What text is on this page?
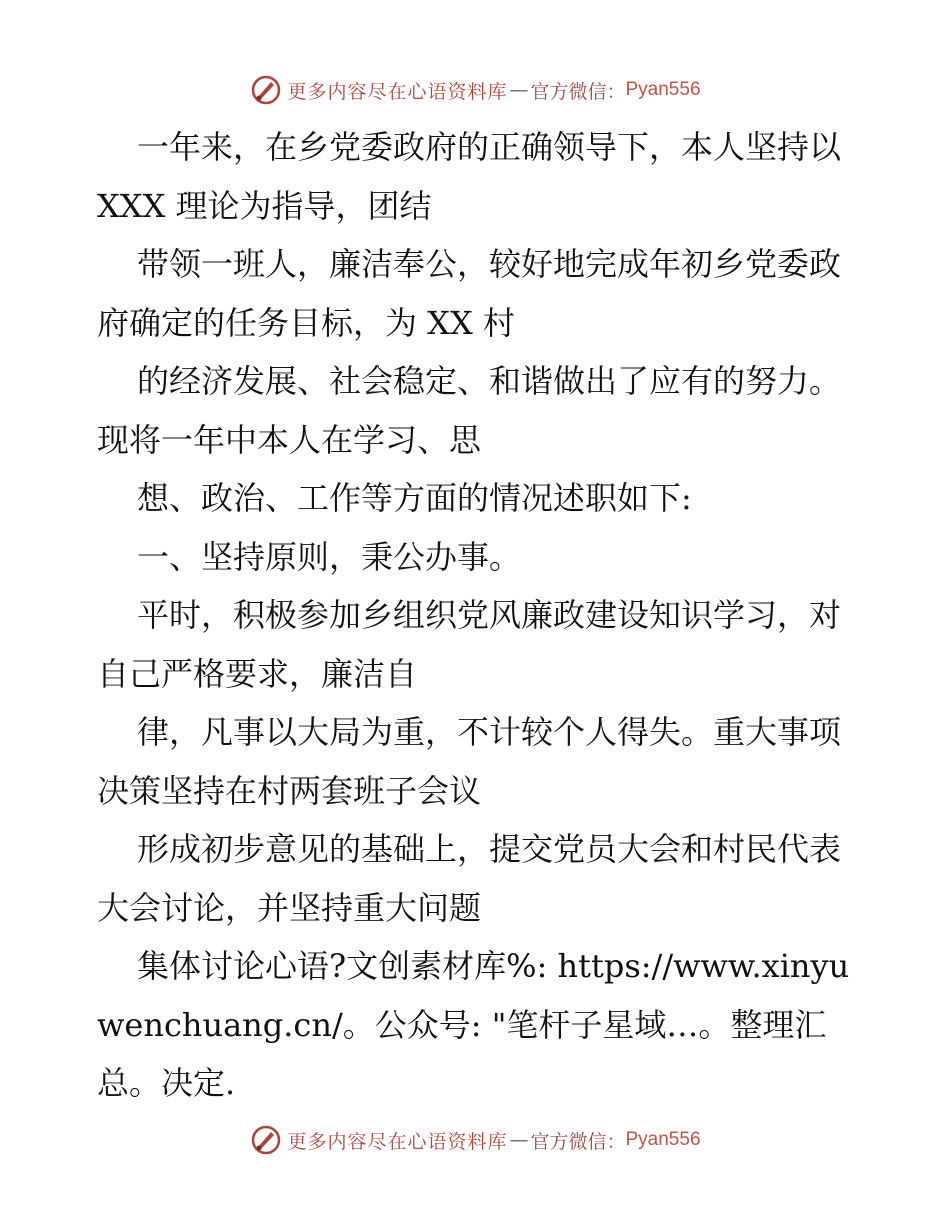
更多内容尽在心语资料库 — 官方微信： Pyan556

一年来，在乡党委政府的正确领导下，本人坚持以 XXX 理论为指导，团结

带领一班人，廉洁奉公，较好地完成年初乡党委政府确定的任务目标，为 XX 村

的经济发展、社会稳定、和谐做出了应有的努力。现将一年中本人在学习、思

想、政治、工作等方面的情况述职如下:

一、坚持原则，秉公办事。

平时，积极参加乡组织党风廉政建设知识学习，对自己严格要求，廉洁自

律，凡事以大局为重，不计较个人得失。重大事项决策坚持在村两套班子会议

形成初步意见的基础上，提交党员大会和村民代表大会讨论，并坚持重大问题

集体讨论心语?文创素材库%: https://www.xinyuwenchuang.cn/。公众号: "笔杆子星域…。整理汇总。决定.

更多内容尽在心语资料库 — 官方微信： Pyan556
